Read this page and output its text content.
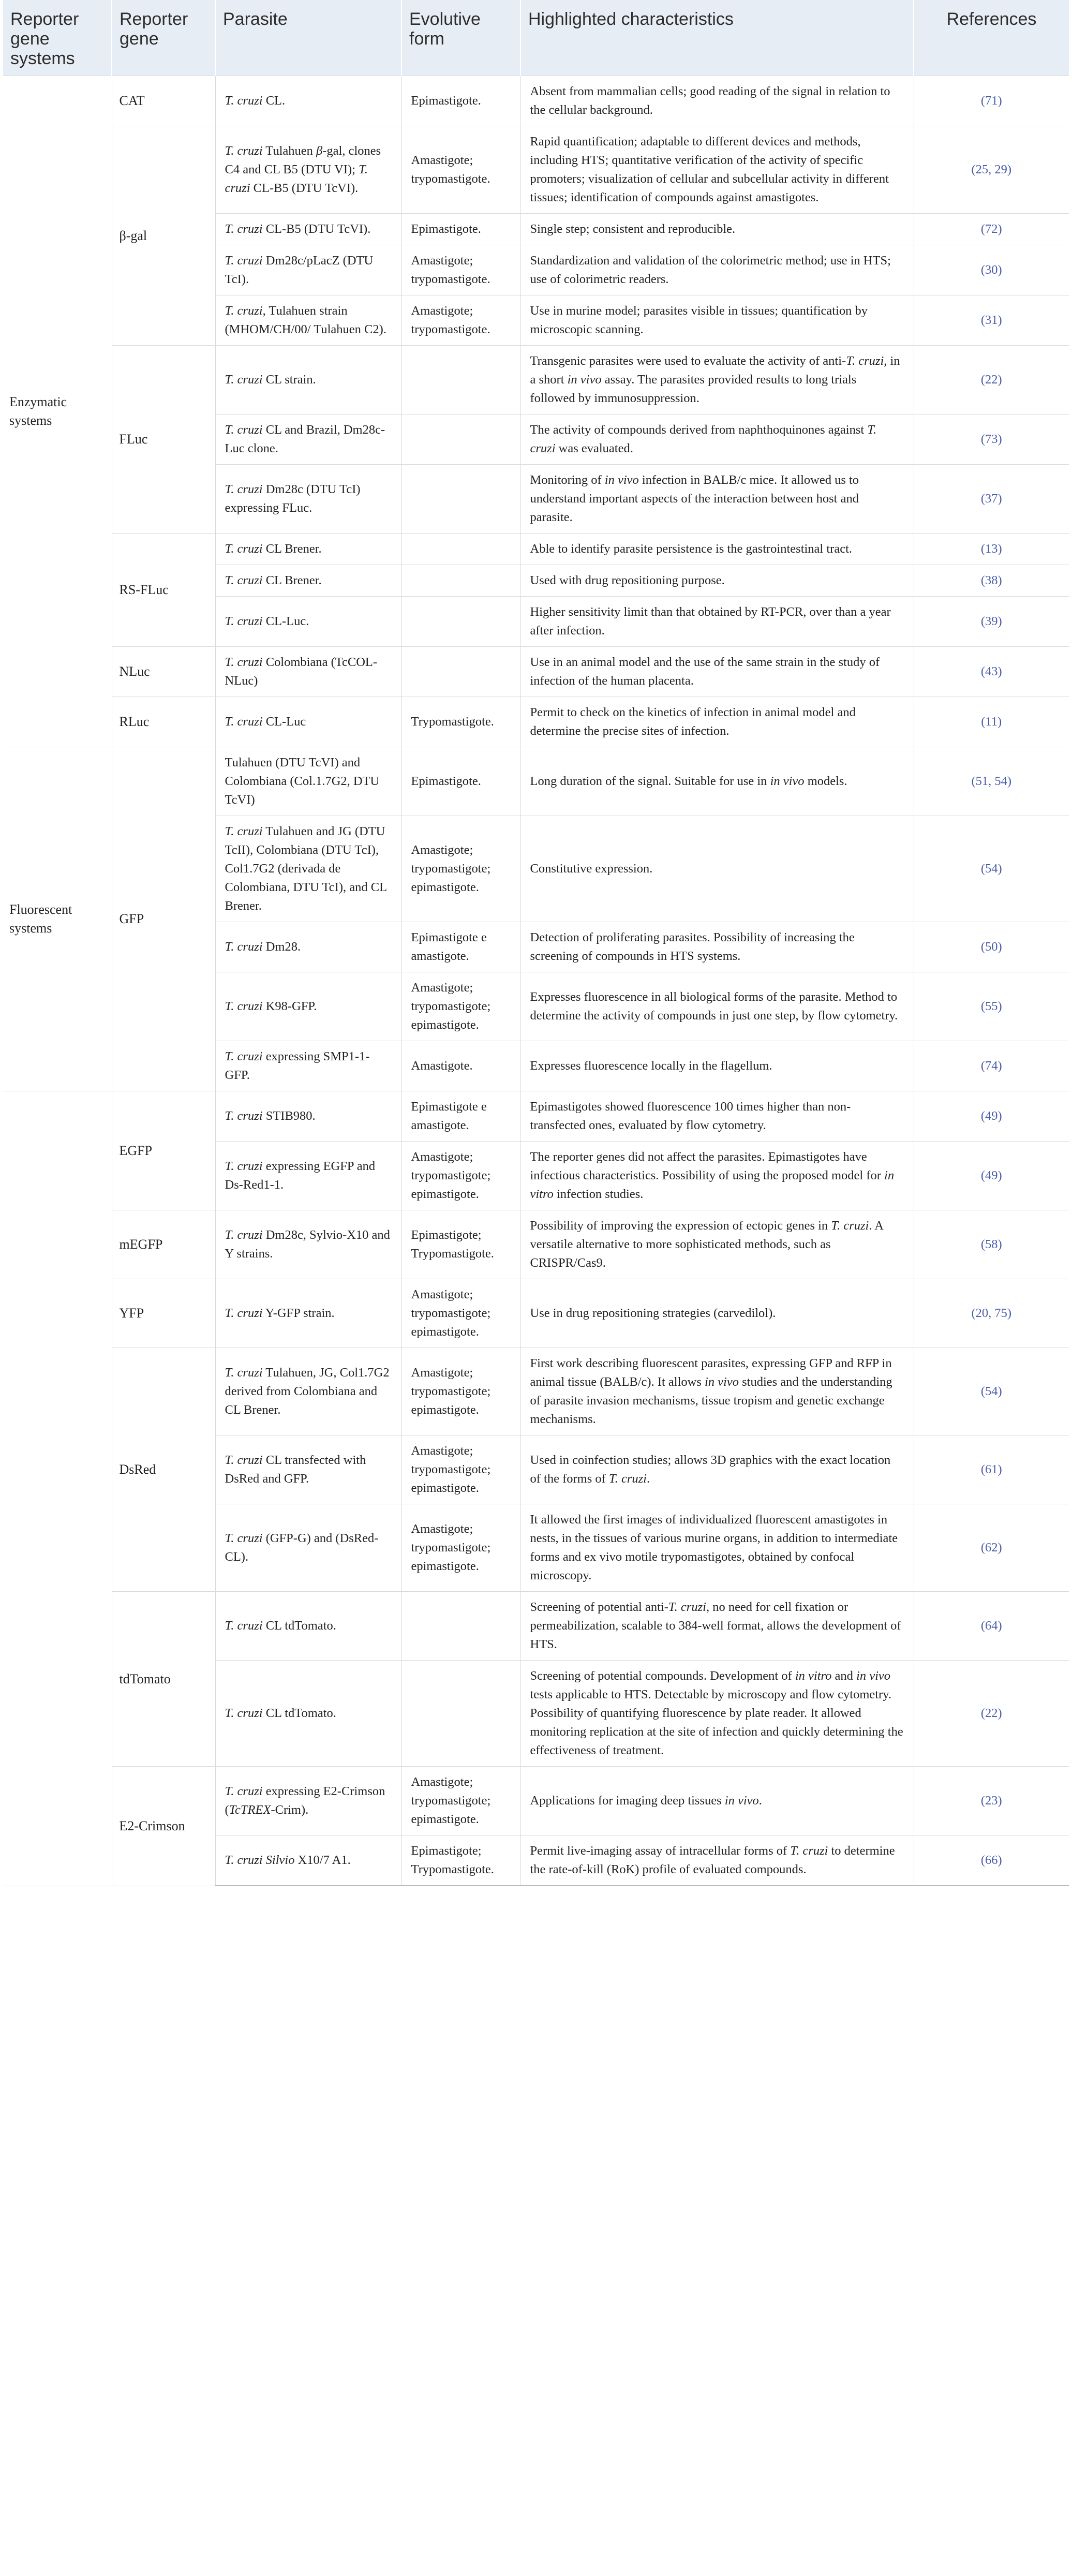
Reporter gene systems	Reporter gene	Parasite	Evolutive form	Highlighted characteristics	References
Enzymatic systems	CAT	T. cruzi CL.	Epimastigote.	Absent from mammalian cells; good reading of the signal in relation to the cellular background.	(71)
	β-gal	T. cruzi Tulahuen β-gal, clones C4 and CL B5 (DTU VI); T. cruzi CL-B5 (DTU TcVI).	Amastigote; trypomastigote.	Rapid quantification; adaptable to different devices and methods, including HTS; quantitative verification of the activity of specific promoters; visualization of cellular and subcellular activity in different tissues; identification of compounds against amastigotes.	(25, 29)
		T. cruzi CL-B5 (DTU TcVI).	Epimastigote.	Single step; consistent and reproducible.	(72)
		T. cruzi Dm28c/pLacZ (DTU TcI).	Amastigote; trypomastigote.	Standardization and validation of the colorimetric method; use in HTS; use of colorimetric readers.	(30)
		T. cruzi, Tulahuen strain (MHOM/CH/00/ Tulahuen C2).	Amastigote; trypomastigote.	Use in murine model; parasites visible in tissues; quantification by microscopic scanning.	(31)
	FLuc	T. cruzi CL strain.		Transgenic parasites were used to evaluate the activity of anti-T. cruzi, in a short in vivo assay. The parasites provided results to long trials followed by immunosuppression.	(22)
		T. cruzi CL and Brazil, Dm28c-Luc clone.		The activity of compounds derived from naphthoquinones against T. cruzi was evaluated.	(73)
		T. cruzi Dm28c (DTU TcI) expressing FLuc.		Monitoring of in vivo infection in BALB/c mice. It allowed us to understand important aspects of the interaction between host and parasite.	(37)
	RS-FLuc	T. cruzi CL Brener.		Able to identify parasite persistence is the gastrointestinal tract.	(13)
		T. cruzi CL Brener.		Used with drug repositioning purpose.	(38)
		T. cruzi CL-Luc.		Higher sensitivity limit than that obtained by RT-PCR, over than a year after infection.	(39)
	NLuc	T. cruzi Colombiana (TcCOL-NLuc)		Use in an animal model and the use of the same strain in the study of infection of the human placenta.	(43)
	RLuc	T. cruzi CL-Luc	Trypomastigote.	Permit to check on the kinetics of infection in animal model and determine the precise sites of infection.	(11)
Fluorescent systems	GFP	Tulahuen (DTU TcVI) and Colombiana (Col.1.7G2, DTU TcVI)	Epimastigote.	Long duration of the signal. Suitable for use in in vivo models.	(51, 54)
		T. cruzi Tulahuen and JG (DTU TcII), Colombiana (DTU TcI), Col1.7G2 (derivada de Colombiana, DTU TcI), and CL Brener.	Amastigote; trypomastigote; epimastigote.	Constitutive expression.	(54)
		T. cruzi Dm28.	Epimastigote e amastigote.	Detection of proliferating parasites. Possibility of increasing the screening of compounds in HTS systems.	(50)
		T. cruzi K98-GFP.	Amastigote; trypomastigote; epimastigote.	Expresses fluorescence in all biological forms of the parasite. Method to determine the activity of compounds in just one step, by flow cytometry.	(55)
		T. cruzi expressing SMP1-1-GFP.	Amastigote.	Expresses fluorescence locally in the flagellum.	(74)
	EGFP	T. cruzi STIB980.	Epimastigote e amastigote.	Epimastigotes showed fluorescence 100 times higher than non-transfected ones, evaluated by flow cytometry.	(49)
		T. cruzi expressing EGFP and Ds-Red1-1.	Amastigote; trypomastigote; epimastigote.	The reporter genes did not affect the parasites. Epimastigotes have infectious characteristics. Possibility of using the proposed model for in vitro infection studies.	(49)
	mEGFP	T. cruzi Dm28c, Sylvio-X10 and Y strains.	Epimastigote; Trypomastigote.	Possibility of improving the expression of ectopic genes in T. cruzi. A versatile alternative to more sophisticated methods, such as CRISPR/Cas9.	(58)
	YFP	T. cruzi Y-GFP strain.	Amastigote; trypomastigote; epimastigote.	Use in drug repositioning strategies (carvedilol).	(20, 75)
	DsRed	T. cruzi Tulahuen, JG, Col1.7G2 derived from Colombiana and CL Brener.	Amastigote; trypomastigote; epimastigote.	First work describing fluorescent parasites, expressing GFP and RFP in animal tissue (BALB/c). It allows in vivo studies and the understanding of parasite invasion mechanisms, tissue tropism and genetic exchange mechanisms.	(54)
		T. cruzi CL transfected with DsRed and GFP.	Amastigote; trypomastigote; epimastigote.	Used in coinfection studies; allows 3D graphics with the exact location of the forms of T. cruzi.	(61)
		T. cruzi (GFP-G) and (DsRed-CL).	Amastigote; trypomastigote; epimastigote.	It allowed the first images of individualized fluorescent amastigotes in nests, in the tissues of various murine organs, in addition to intermediate forms and ex vivo motile trypomastigotes, obtained by confocal microscopy.	(62)
	tdTomato	T. cruzi CL tdTomato.		Screening of potential anti-T. cruzi, no need for cell fixation or permeabilization, scalable to 384-well format, allows the development of HTS.	(64)
		T. cruzi CL tdTomato.		Screening of potential compounds. Development of in vitro and in vivo tests applicable to HTS. Detectable by microscopy and flow cytometry. Possibility of quantifying fluorescence by plate reader. It allowed monitoring replication at the site of infection and quickly determining the effectiveness of treatment.	(22)
	E2-Crimson	T. cruzi expressing E2-Crimson (TcTREX-Crim).	Amastigote; trypomastigote; epimastigote.	Applications for imaging deep tissues in vivo.	(23)
		T. cruzi Silvio X10/7 A1.	Epimastigote; Trypomastigote.	Permit live-imaging assay of intracellular forms of T. cruzi to determine the rate-of-kill (RoK) profile of evaluated compounds.	(66)
